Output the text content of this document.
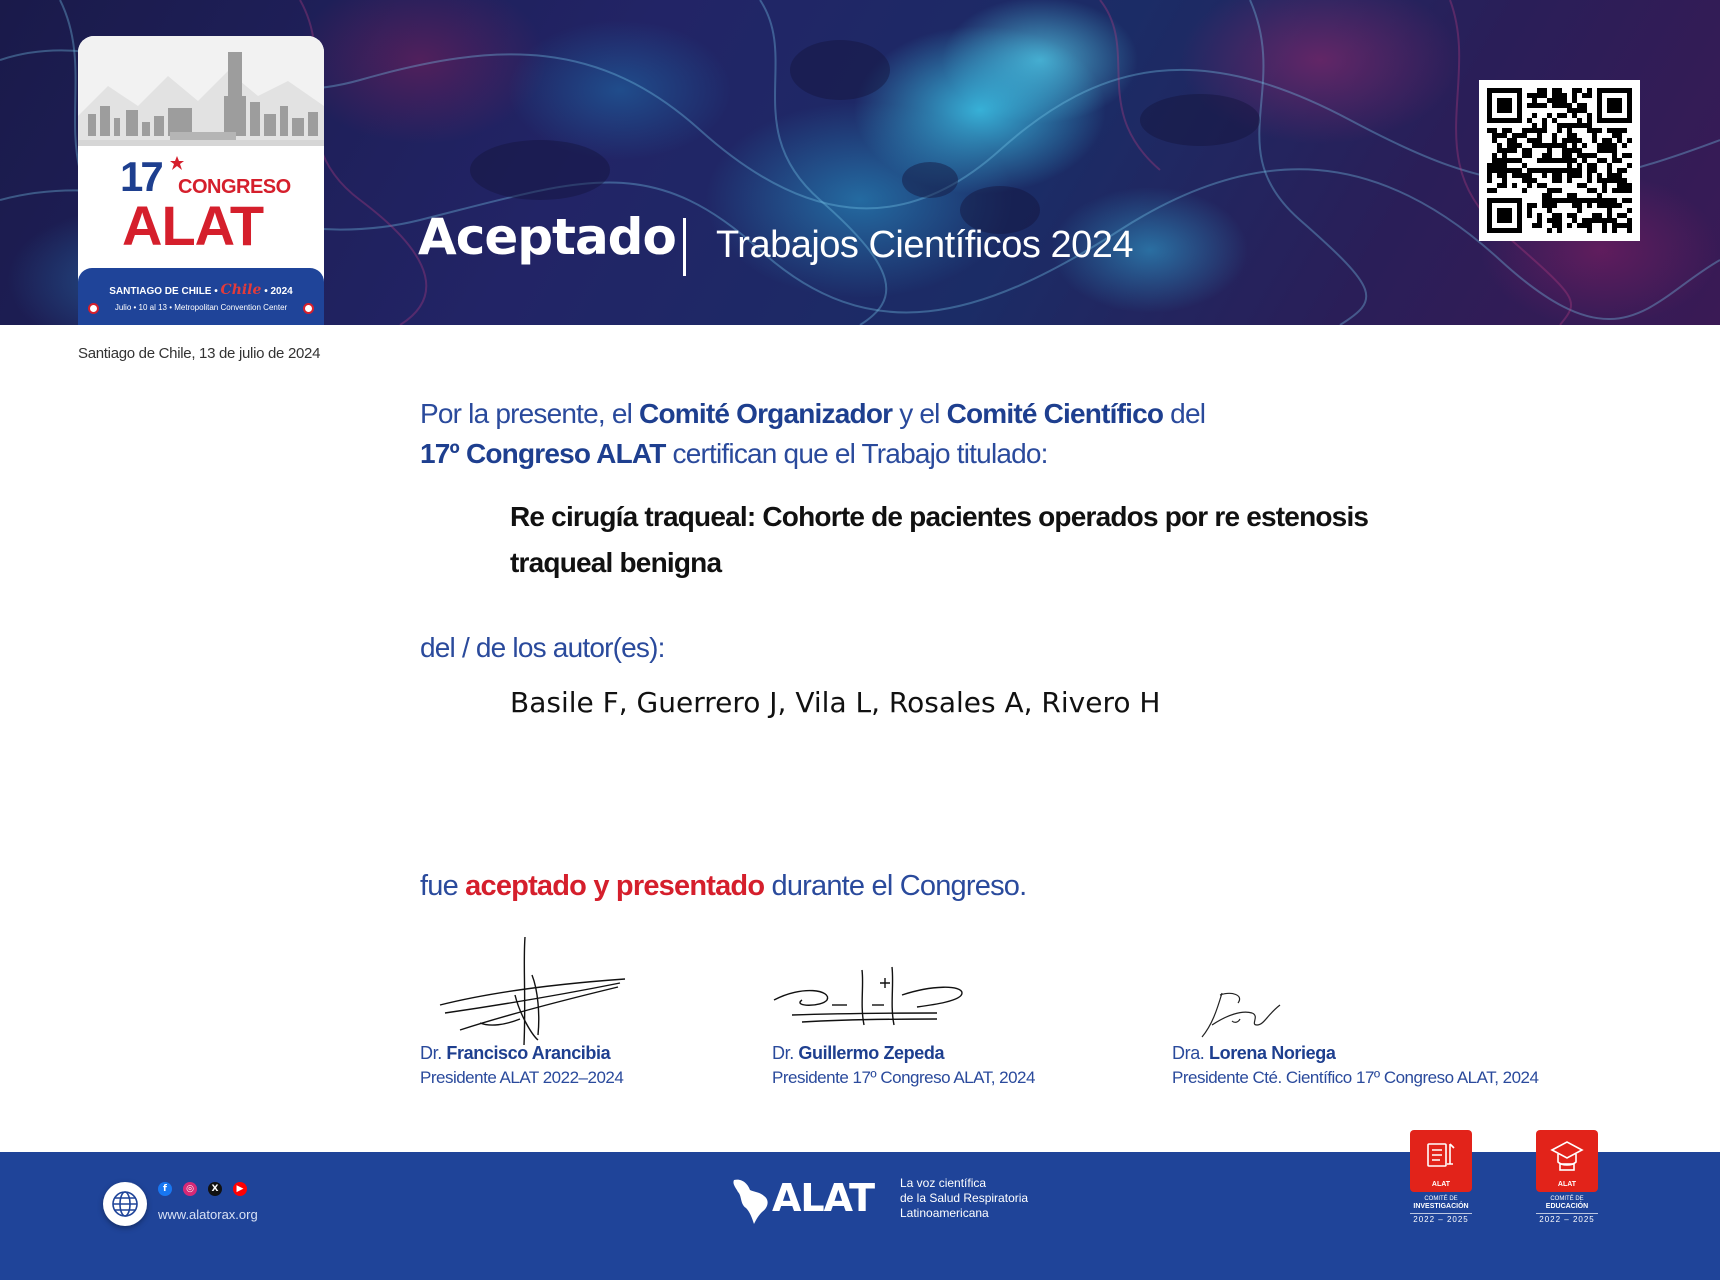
17 CONGRESO
ALAT
SANTIAGO DE CHILE • Chile • 2024
Julio • 10 al 13 • Metropolitan Convention Center
Aceptado Trabajos Científicos 2024
Santiago de Chile, 13 de julio de 2024
Por la presente, el Comité Organizador y el Comité Científico del
17º Congreso ALAT certifican que el Trabajo titulado:
Re cirugía traqueal: Cohorte de pacientes operados por re estenosis traqueal benigna
del / de los autor(es):
Basile F, Guerrero J, Vila L, Rosales A, Rivero H
fue aceptado y presentado durante el Congreso.
Dr. Francisco Arancibia
Presidente ALAT 2022–2024
Dr. Guillermo Zepeda
Presidente 17º Congreso ALAT, 2024
Dra. Lorena Noriega
Presidente Cté. Científico 17º Congreso ALAT, 2024
f	◎	X	▶
www.alatorax.org	ALAT La voz científica
de la Salud Respiratoria
Latinoamericana
ALAT
COMITÉ DE
INVESTIGACIÓN
2022 – 2025
ALAT
COMITÉ DE
EDUCACIÓN
2022 – 2025
